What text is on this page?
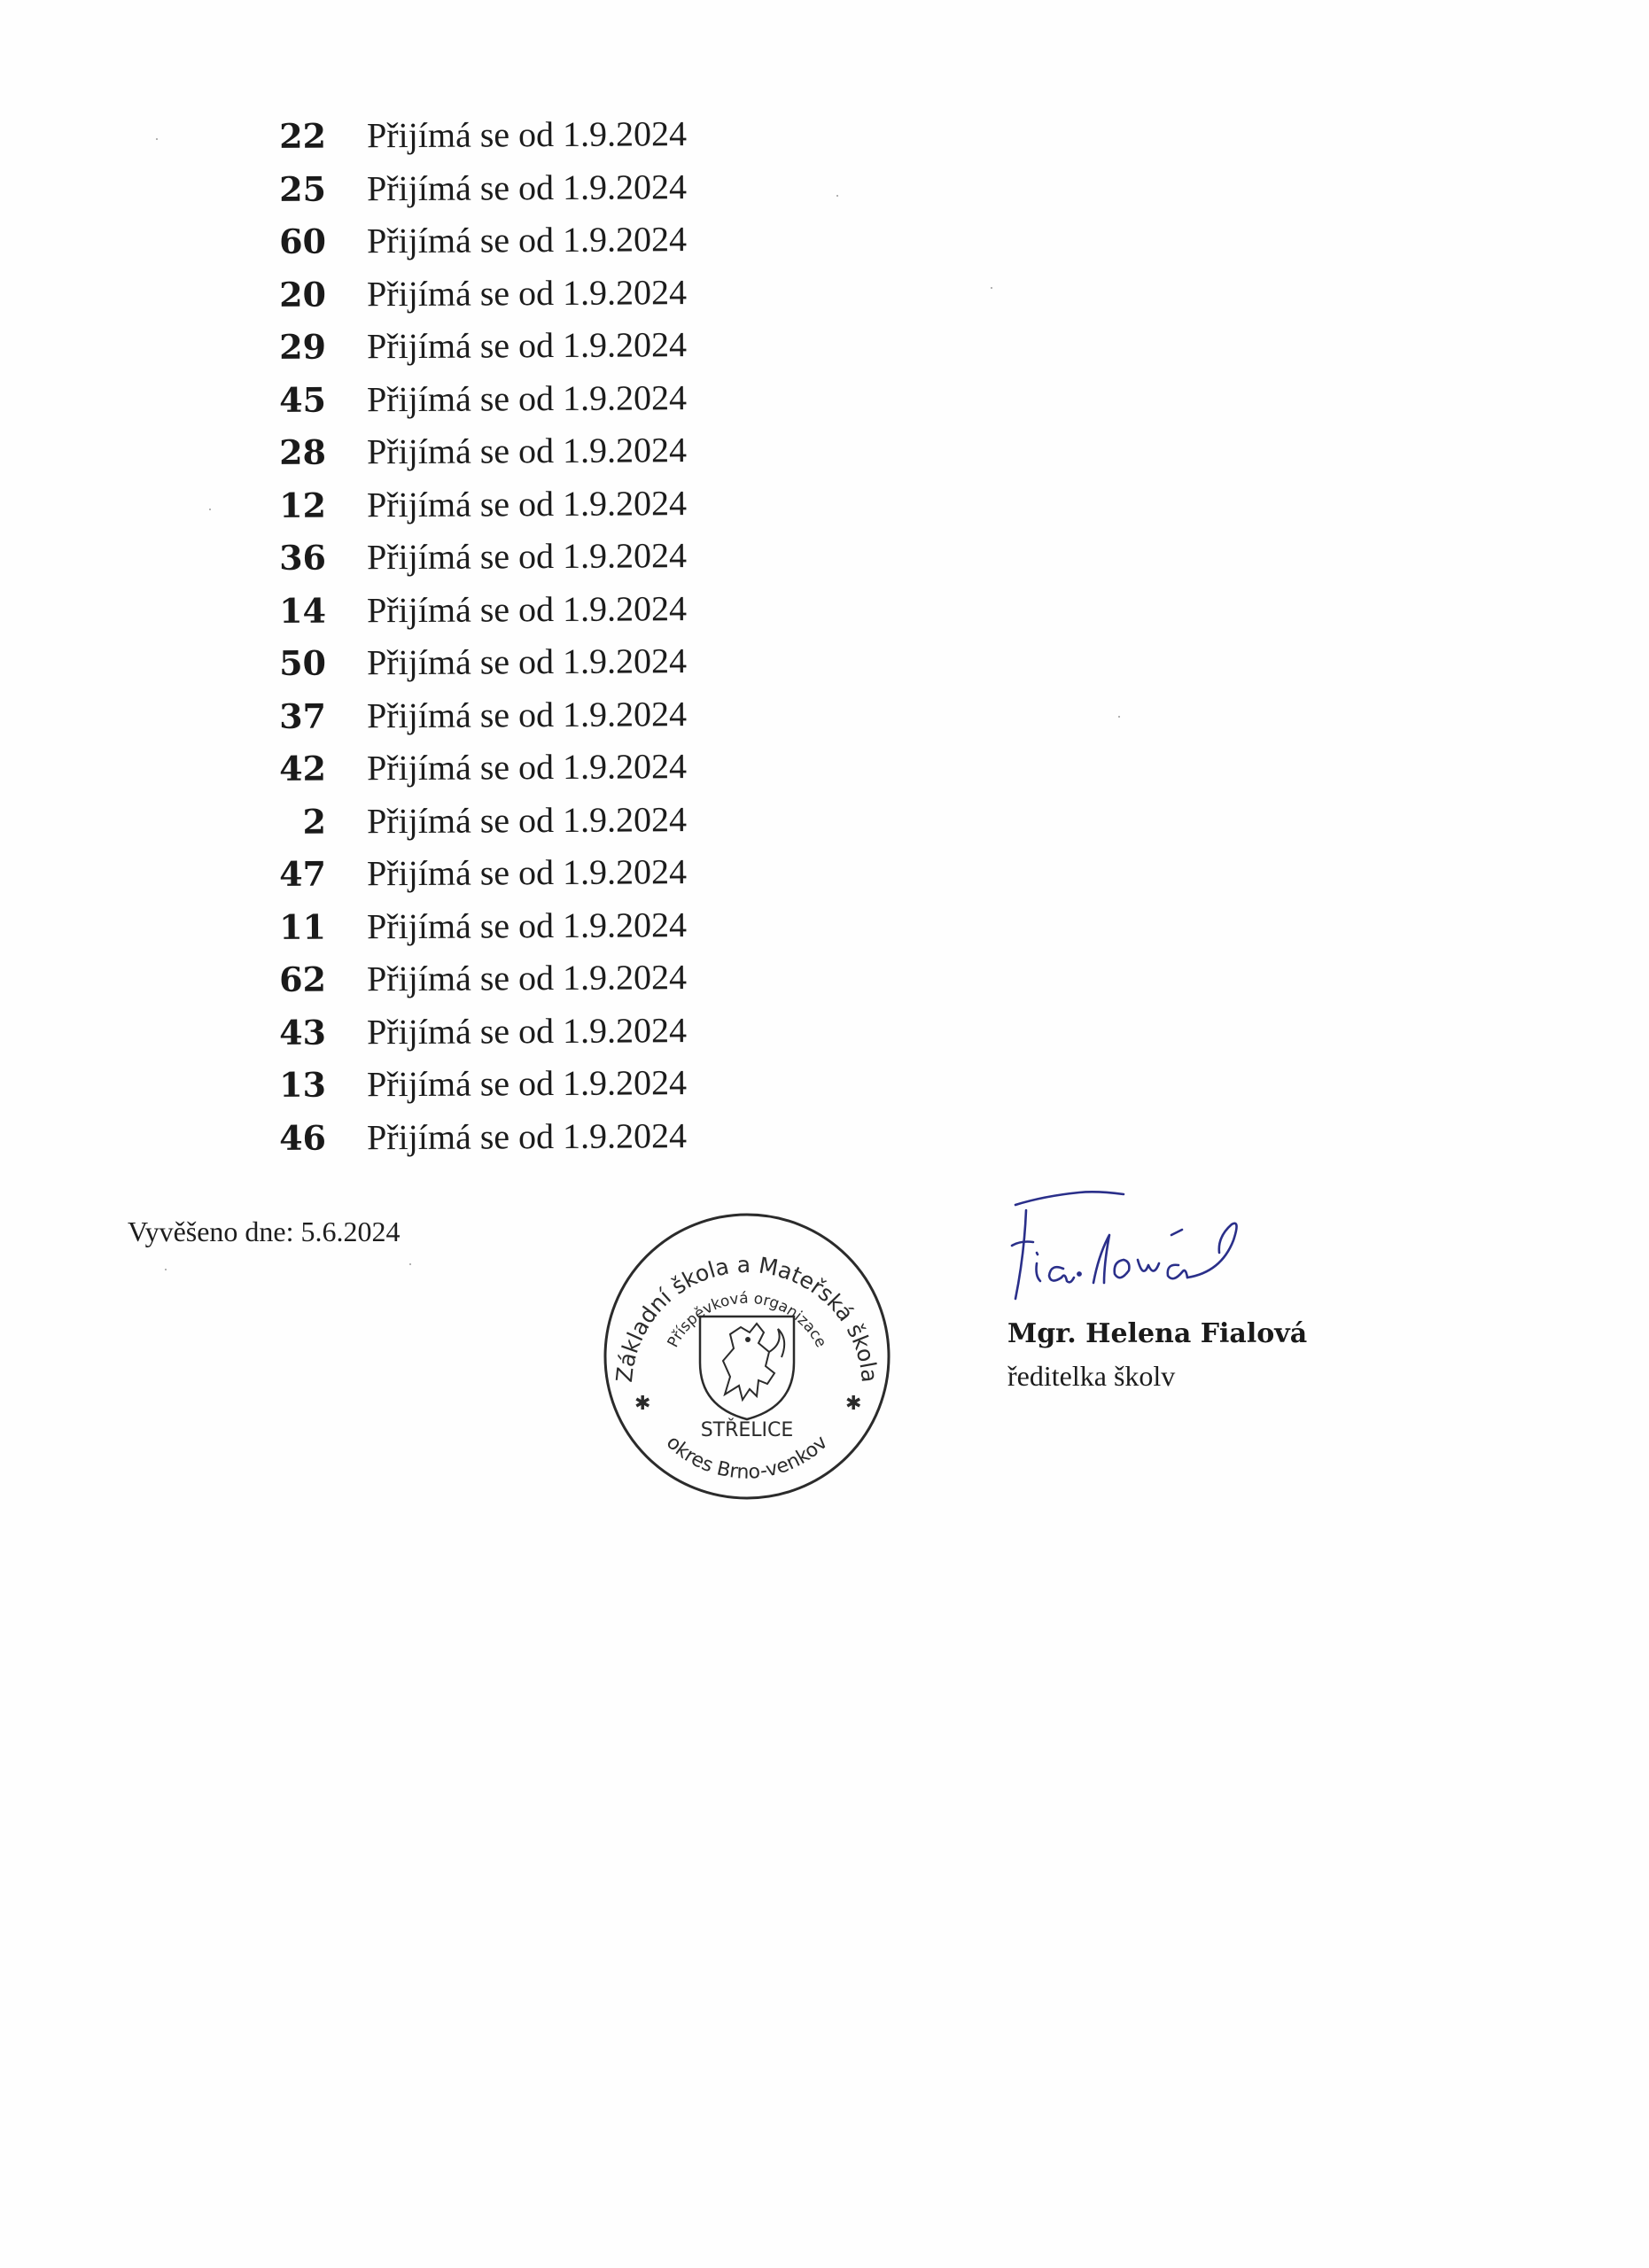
22 Přijímá se od 1.9.2024
25 Přijímá se od 1.9.2024
60 Přijímá se od 1.9.2024
20 Přijímá se od 1.9.2024
29 Přijímá se od 1.9.2024
45 Přijímá se od 1.9.2024
28 Přijímá se od 1.9.2024
12 Přijímá se od 1.9.2024
36 Přijímá se od 1.9.2024
14 Přijímá se od 1.9.2024
50 Přijímá se od 1.9.2024
37 Přijímá se od 1.9.2024
42 Přijímá se od 1.9.2024
2 Přijímá se od 1.9.2024
47 Přijímá se od 1.9.2024
11 Přijímá se od 1.9.2024
62 Přijímá se od 1.9.2024
43 Přijímá se od 1.9.2024
13 Přijímá se od 1.9.2024
46 Přijímá se od 1.9.2024
Vyvěšeno dne: 5.6.2024
Základní škola a Mateřská škola
Příspěvková organizace
okres Brno-venkov
STŘELICE
✱	✱
Mgr. Helena Fialová
ředitelka školv
